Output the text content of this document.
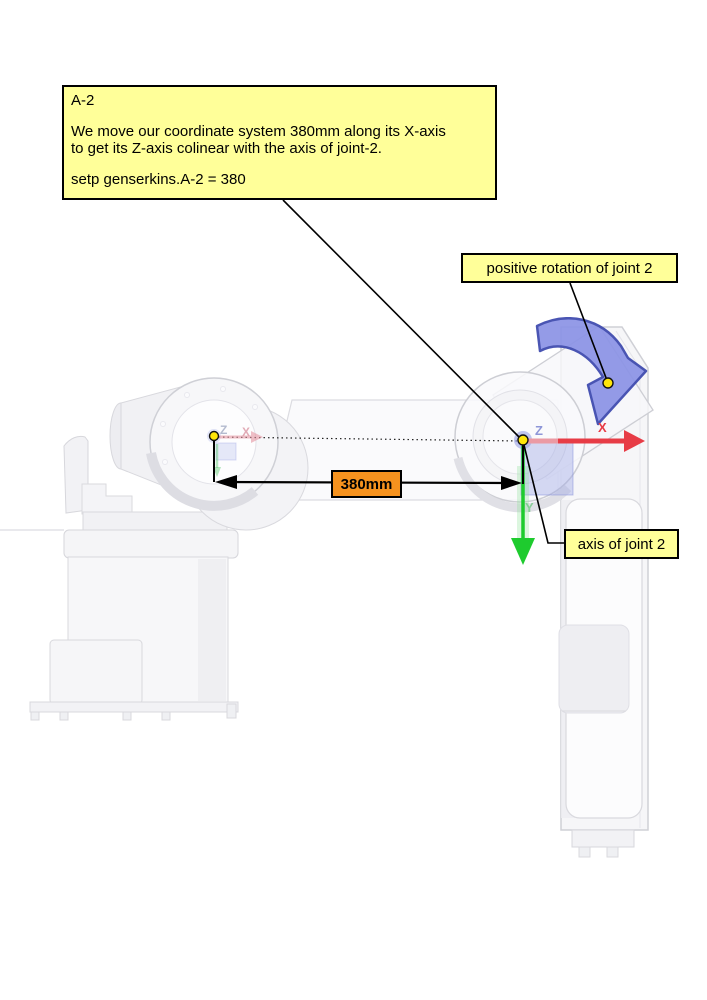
A-2
We move our coordinate system 380mm along its X-axis
to get its Z-axis colinear with the axis of joint-2.
setp genserkins.A-2 = 380
positive rotation of joint 2
axis of joint 2
380mm
Z	X
Y
Z X
